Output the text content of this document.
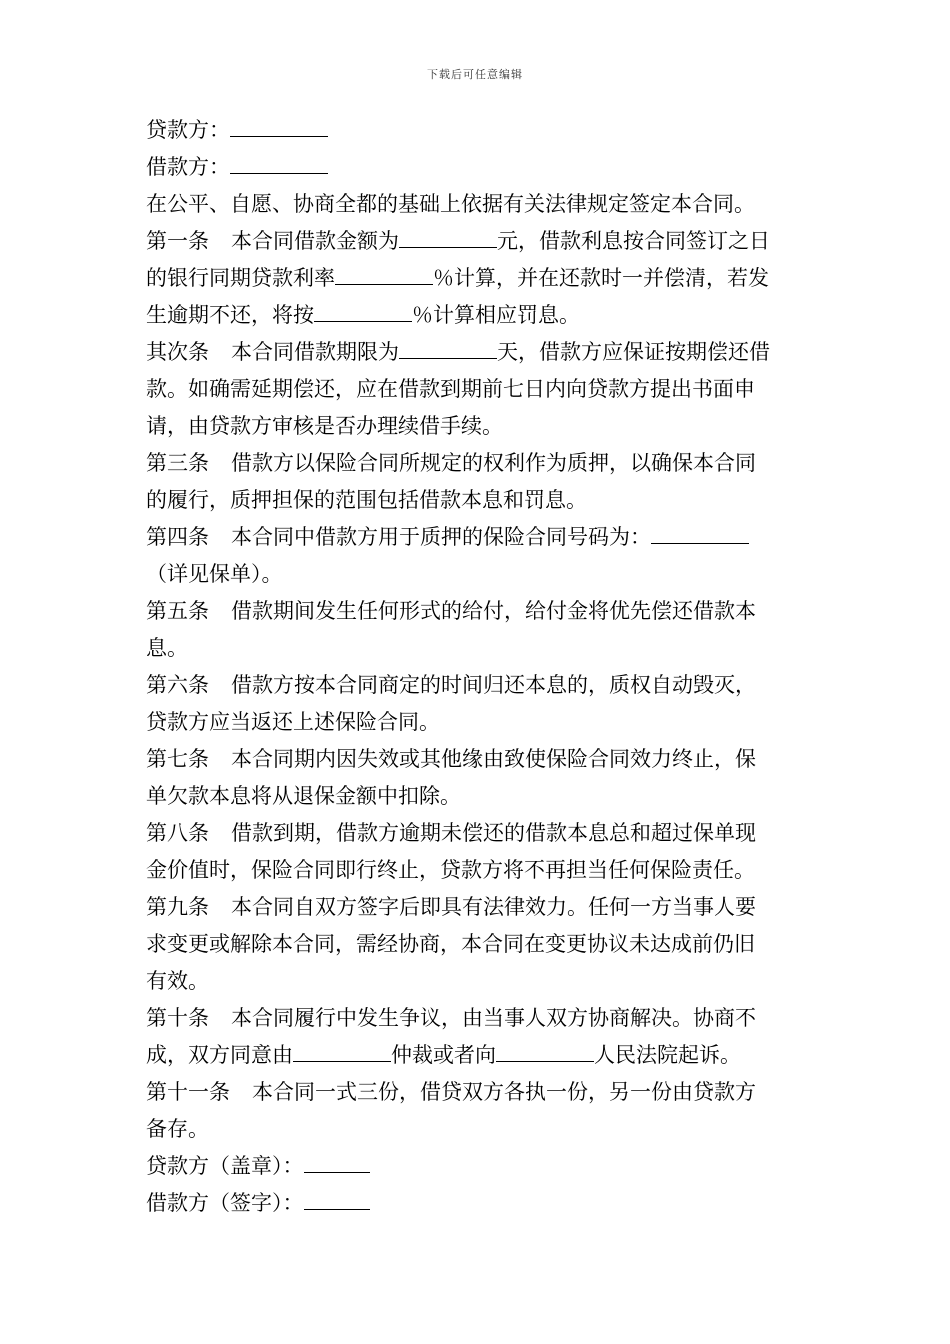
下载后可任意编辑
贷款方：
借款方：
在公平、自愿、协商全都的基础上依据有关法律规定签定本合同。
第一条 本合同借款金额为	元，借款利息按合同签订之日
的银行同期贷款利率	％计算，并在还款时一并偿清，若发
生逾期不还，将按	％计算相应罚息。
其次条 本合同借款期限为	天，借款方应保证按期偿还借
款。如确需延期偿还，应在借款到期前七日内向贷款方提出书面申
请，由贷款方审核是否办理续借手续。
第三条 借款方以保险合同所规定的权利作为质押，以确保本合同
的履行，质押担保的范围包括借款本息和罚息。
第四条 本合同中借款方用于质押的保险合同号码为：
（详见保单）。
第五条 借款期间发生任何形式的给付，给付金将优先偿还借款本
息。
第六条 借款方按本合同商定的时间归还本息的，质权自动毁灭，
贷款方应当返还上述保险合同。
第七条 本合同期内因失效或其他缘由致使保险合同效力终止，保
单欠款本息将从退保金额中扣除。
第八条 借款到期，借款方逾期未偿还的借款本息总和超过保单现
金价值时，保险合同即行终止，贷款方将不再担当任何保险责任。
第九条 本合同自双方签字后即具有法律效力。任何一方当事人要
求变更或解除本合同，需经协商，本合同在变更协议未达成前仍旧
有效。
第十条 本合同履行中发生争议，由当事人双方协商解决。协商不
成，双方同意由	仲裁或者向	人民法院起诉。
第十一条 本合同一式三份，借贷双方各执一份，另一份由贷款方
备存。
贷款方（盖章）：
借款方（签字）：
